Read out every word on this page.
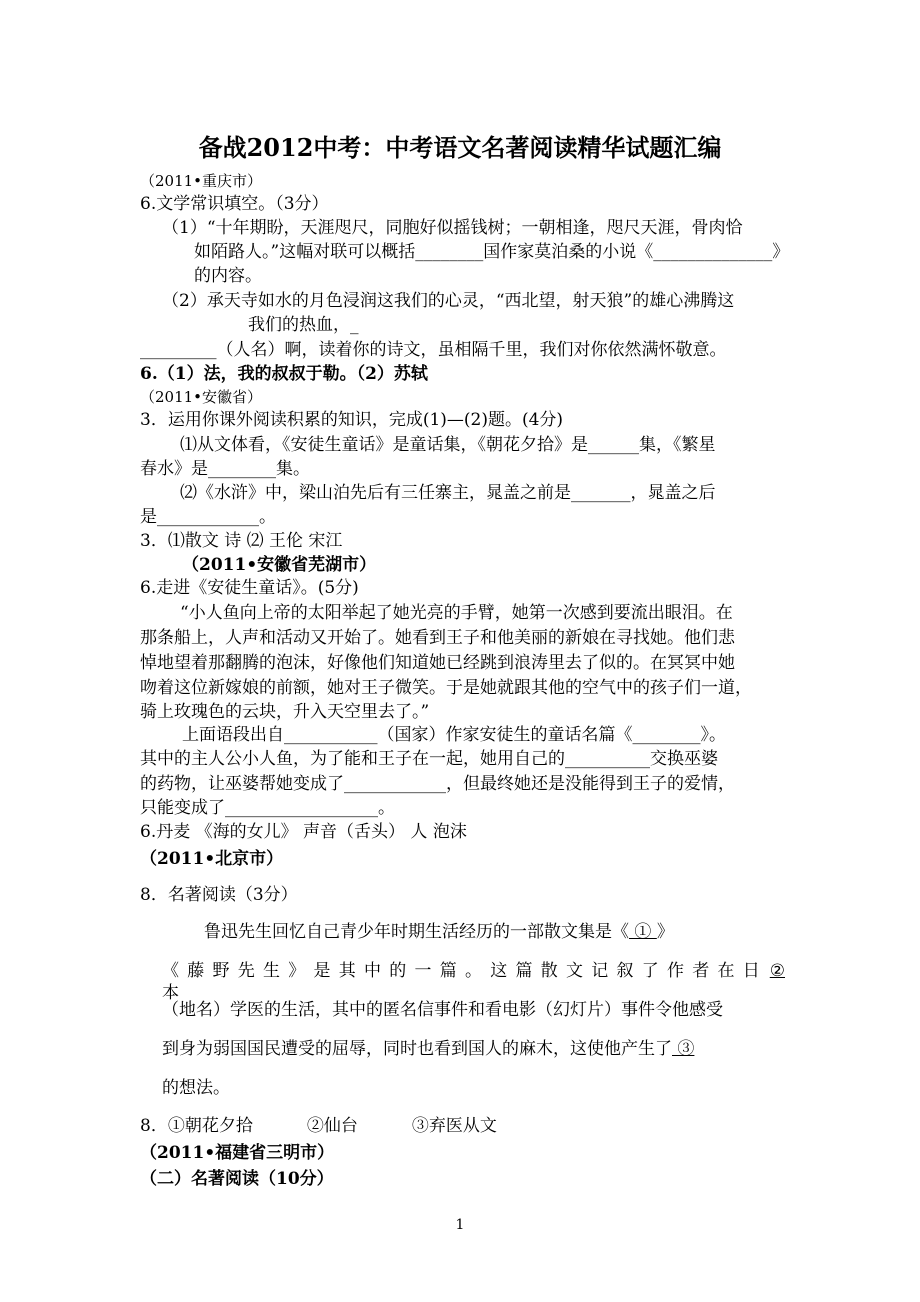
备战2012中考：中考语文名著阅读精华试题汇编
（2011•重庆市）
6.文学常识填空。（3分）
（1）“十年期盼，天涯咫尺，同胞好似摇钱树；一朝相逢，咫尺天涯，骨肉恰
如陌路人。”这幅对联可以概括________国作家莫泊桑的小说《______________》
的内容。
（2）承天寺如水的月色浸润这我们的心灵，“西北望，射天狼”的雄心沸腾这
我们的热血，_
_________（人名）啊，读着你的诗文，虽相隔千里，我们对你依然满怀敬意。
6.（1）法，我的叔叔于勒。（2）苏轼
（2011•安徽省）
3．运用你课外阅读积累的知识，完成(1)—(2)题。(4分)
⑴从文体看，《安徒生童话》是童话集，《朝花夕拾》是______集，《繁星
春水》是________集。
⑵《水浒》中，梁山泊先后有三任寨主，晁盖之前是_______，晁盖之后
是____________。
3．⑴散文 诗 ⑵ 王伦 宋江
（2011•安徽省芜湖市）
6.走进《安徒生童话》。(5分)
“小人鱼向上帝的太阳举起了她光亮的手臂，她第一次感到要流出眼泪。在
那条船上，人声和活动又开始了。她看到王子和他美丽的新娘在寻找她。他们悲
悼地望着那翻腾的泡沫，好像他们知道她已经跳到浪涛里去了似的。在冥冥中她
吻着这位新嫁娘的前额，她对王子微笑。于是她就跟其他的空气中的孩子们一道，
骑上玫瑰色的云块，升入天空里去了。”
上面语段出自___________（国家）作家安徒生的童话名篇《________》。
其中的主人公小人鱼，为了能和王子在一起，她用自己的__________交换巫婆
的药物，让巫婆帮她变成了____________，但最终她还是没能得到王子的爱情，
只能变成了__________________。
6.丹麦 《海的女儿》 声音（舌头） 人 泡沫
（2011•北京市）
8．名著阅读（3分）
鲁迅先生回忆自己青少年时期生活经历的一部散文集是《 ① 》
《藤野先生》是其中的一篇。这篇散文记叙了作者在日本
②
（地名）学医的生活，其中的匿名信事件和看电影（幻灯片）事件令他感受
到身为弱国国民遭受的屈辱，同时也看到国人的麻木，这使他产生了 ③
的想法。
8．①朝花夕拾          ②仙台          ③弃医从文
（2011•福建省三明市）
（二）名著阅读（10分）
1
